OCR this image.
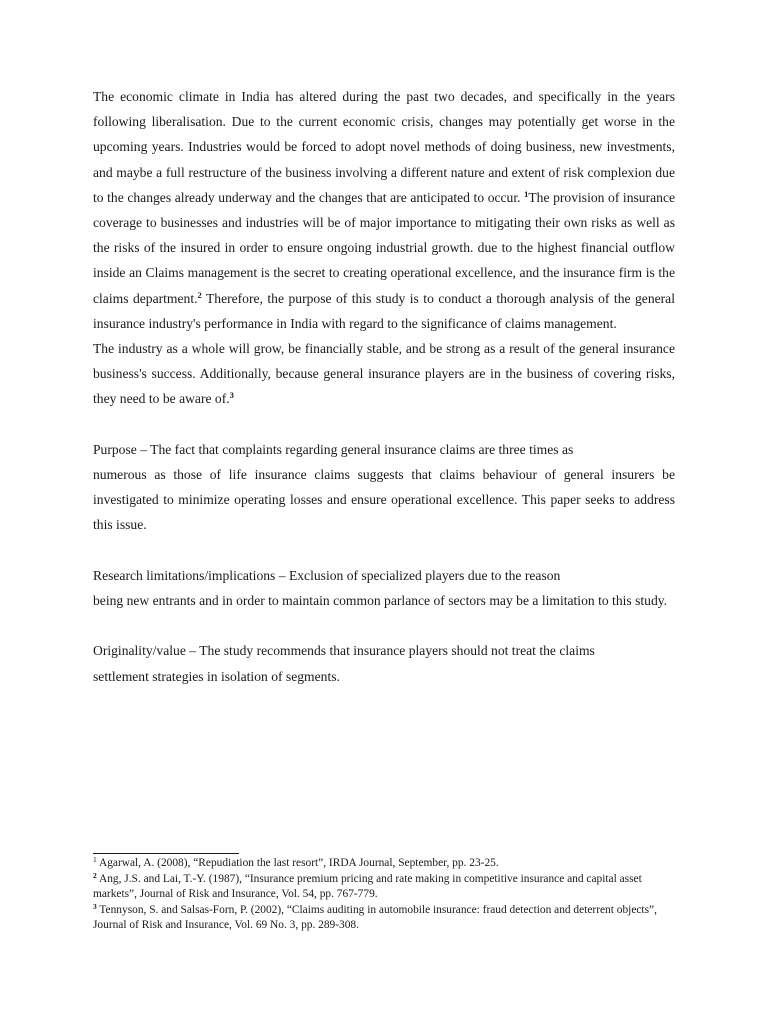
The economic climate in India has altered during the past two decades, and specifically in the years following liberalisation. Due to the current economic crisis, changes may potentially get worse in the upcoming years. Industries would be forced to adopt novel methods of doing business, new investments, and maybe a full restructure of the business involving a different nature and extent of risk complexion due to the changes already underway and the changes that are anticipated to occur. $^1$The provision of insurance coverage to businesses and industries will be of major importance to mitigating their own risks as well as the risks of the insured in order to ensure ongoing industrial growth. due to the highest financial outflow inside an Claims management is the secret to creating operational excellence, and the insurance firm is the claims department.$^2$ Therefore, the purpose of this study is to conduct a thorough analysis of the general insurance industry's performance in India with regard to the significance of claims management.

The industry as a whole will grow, be financially stable, and be strong as a result of the general insurance business's success. Additionally, because general insurance players are in the business of covering risks, they need to be aware of.$^3$

Purpose – The fact that complaints regarding general insurance claims are three times as

numerous as those of life insurance claims suggests that claims behaviour of general insurers be investigated to minimize operating losses and ensure operational excellence. This paper seeks to address this issue.

Research limitations/implications – Exclusion of specialized players due to the reason

being new entrants and in order to maintain common parlance of sectors may be a limitation to this study.

Originality/value – The study recommends that insurance players should not treat the claims

settlement strategies in isolation of segments.

$^1$ Agarwal, A. (2008), “Repudiation the last resort”, IRDA Journal, September, pp. 23-25.

$^2$ Ang, J.S. and Lai, T.-Y. (1987), “Insurance premium pricing and rate making in competitive insurance and capital asset markets”, Journal of Risk and Insurance, Vol. 54, pp. 767-779.

$^3$ Tennyson, S. and Salsas-Forn, P. (2002), “Claims auditing in automobile insurance: fraud detection and deterrent objects”, Journal of Risk and Insurance, Vol. 69 No. 3, pp. 289-308.
